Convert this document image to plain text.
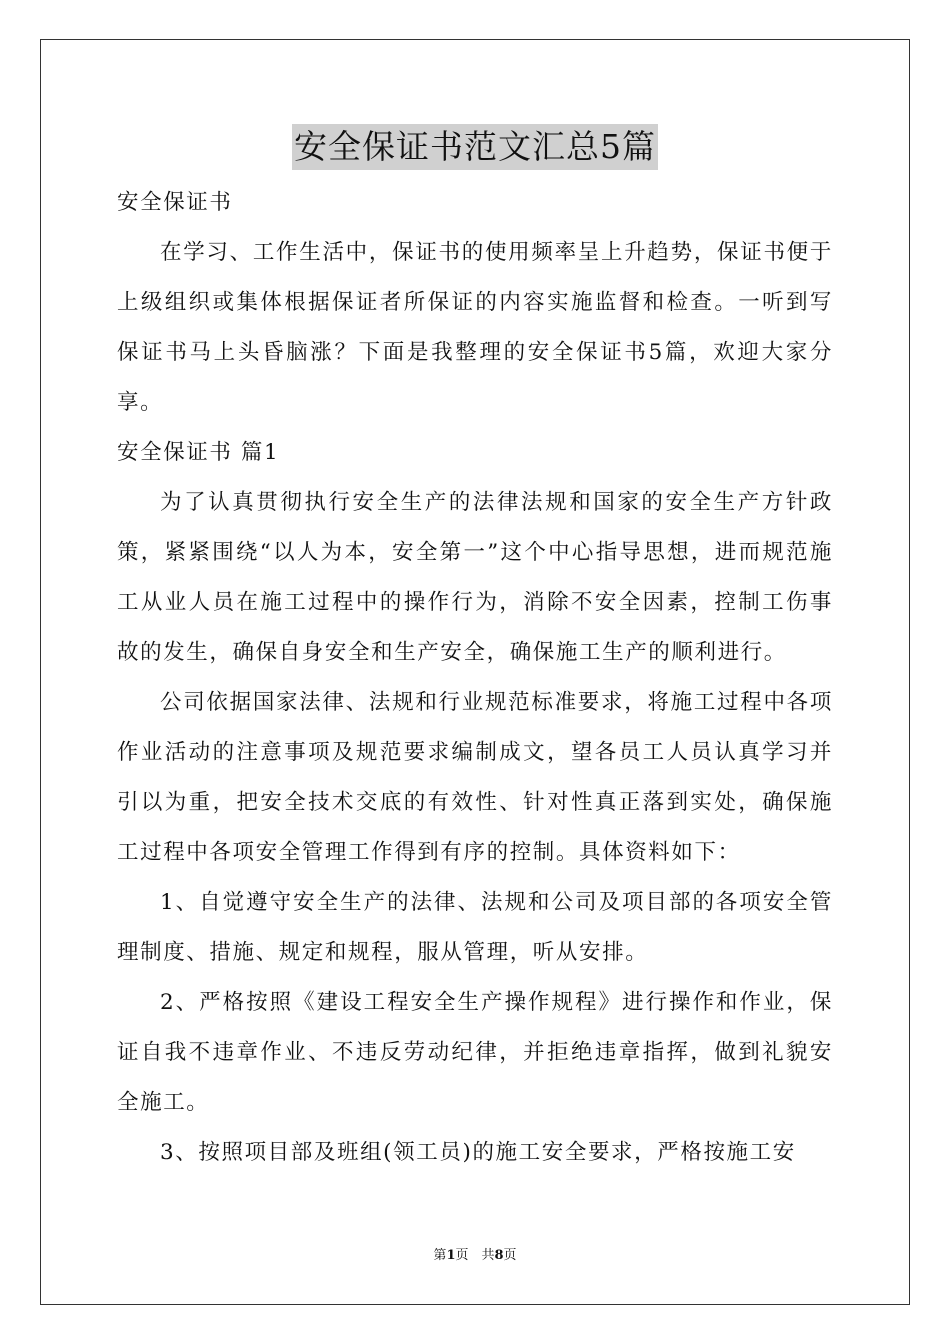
安全保证书范文汇总5篇

安全保证书

在学习、工作生活中，保证书的使用频率呈上升趋势，保证书便于上级组织或集体根据保证者所保证的内容实施监督和检查。一听到写保证书马上头昏脑涨？下面是我整理的安全保证书5篇，欢迎大家分享。

安全保证书 篇1

为了认真贯彻执行安全生产的法律法规和国家的安全生产方针政策，紧紧围绕“以人为本，安全第一”这个中心指导思想，进而规范施工从业人员在施工过程中的操作行为，消除不安全因素，控制工伤事故的发生，确保自身安全和生产安全，确保施工生产的顺利进行。

公司依据国家法律、法规和行业规范标准要求，将施工过程中各项作业活动的注意事项及规范要求编制成文，望各员工人员认真学习并引以为重，把安全技术交底的有效性、针对性真正落到实处，确保施工过程中各项安全管理工作得到有序的控制。具体资料如下：

1、自觉遵守安全生产的法律、法规和公司及项目部的各项安全管理制度、措施、规定和规程，服从管理，听从安排。

2、严格按照《建设工程安全生产操作规程》进行操作和作业，保证自我不违章作业、不违反劳动纪律，并拒绝违章指挥，做到礼貌安全施工。

3、按照项目部及班组(领工员)的施工安全要求，严格按施工安

第1页　共8页
